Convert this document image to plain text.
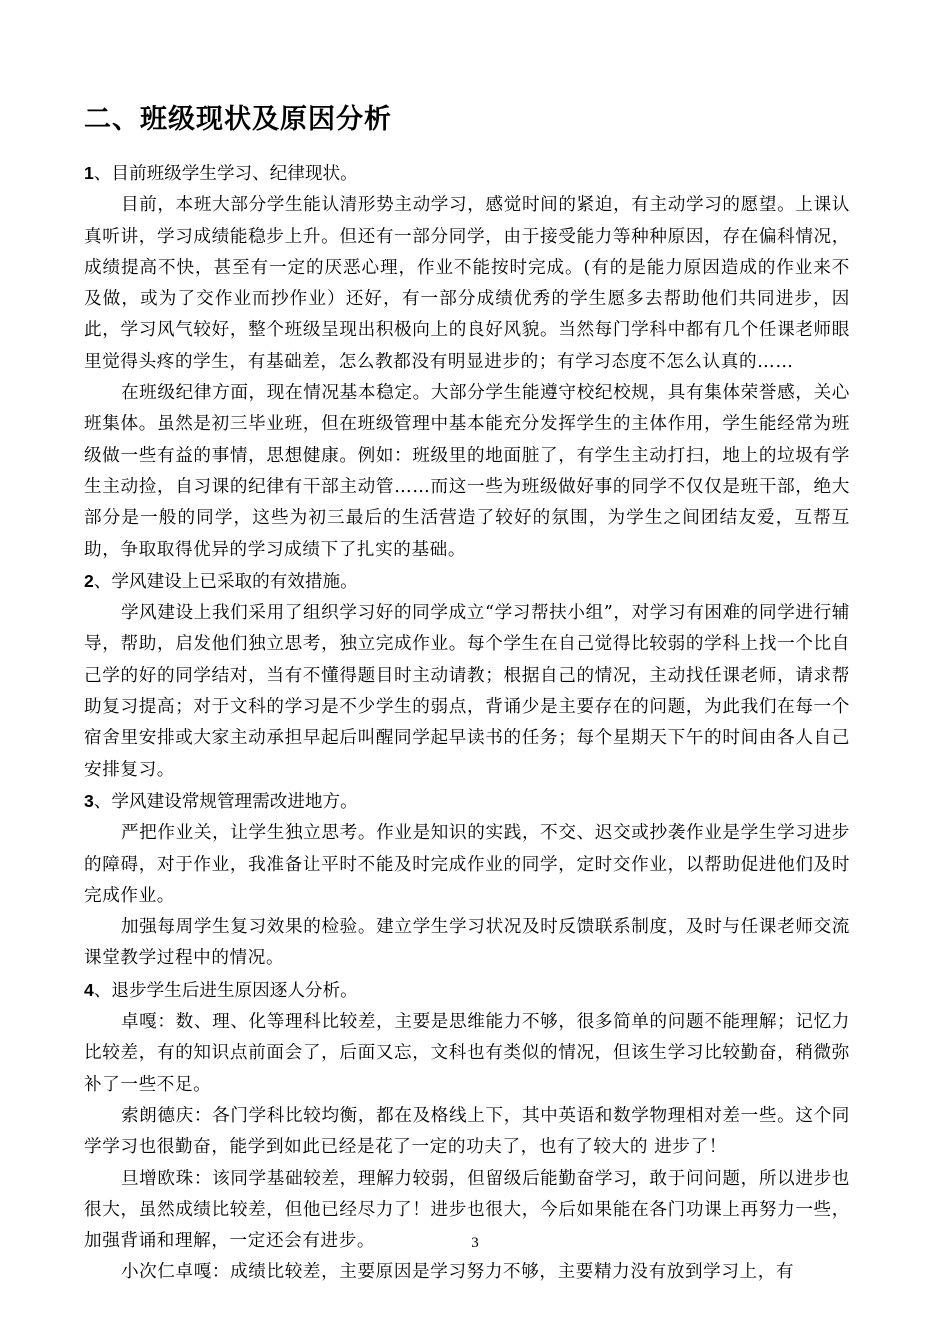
二、班级现状及原因分析

1、目前班级学生学习、纪律现状。

目前，本班大部分学生能认清形势主动学习，感觉时间的紧迫，有主动学习的愿望。上课认真听讲，学习成绩能稳步上升。但还有一部分同学，由于接受能力等种种原因，存在偏科情况，成绩提高不快，甚至有一定的厌恶心理，作业不能按时完成。(有的是能力原因造成的作业来不及做，或为了交作业而抄作业）还好，有一部分成绩优秀的学生愿多去帮助他们共同进步，因此，学习风气较好，整个班级呈现出积极向上的良好风貌。当然每门学科中都有几个任课老师眼里觉得头疼的学生，有基础差，怎么教都没有明显进步的；有学习态度不怎么认真的……

在班级纪律方面，现在情况基本稳定。大部分学生能遵守校纪校规，具有集体荣誉感，关心班集体。虽然是初三毕业班，但在班级管理中基本能充分发挥学生的主体作用，学生能经常为班级做一些有益的事情，思想健康。例如：班级里的地面脏了，有学生主动打扫，地上的垃圾有学生主动捡，自习课的纪律有干部主动管……而这一些为班级做好事的同学不仅仅是班干部，绝大部分是一般的同学，这些为初三最后的生活营造了较好的氛围，为学生之间团结友爱，互帮互助，争取取得优异的学习成绩下了扎实的基础。

2、学风建设上已采取的有效措施。

学风建设上我们采用了组织学习好的同学成立“学习帮扶小组”，对学习有困难的同学进行辅导，帮助，启发他们独立思考，独立完成作业。每个学生在自己觉得比较弱的学科上找一个比自己学的好的同学结对，当有不懂得题目时主动请教；根据自己的情况，主动找任课老师，请求帮助复习提高；对于文科的学习是不少学生的弱点，背诵少是主要存在的问题，为此我们在每一个宿舍里安排或大家主动承担早起后叫醒同学起早读书的任务；每个星期天下午的时间由各人自己安排复习。

3、学风建设常规管理需改进地方。

严把作业关，让学生独立思考。作业是知识的实践，不交、迟交或抄袭作业是学生学习进步的障碍，对于作业，我准备让平时不能及时完成作业的同学，定时交作业，以帮助促进他们及时完成作业。

加强每周学生复习效果的检验。建立学生学习状况及时反馈联系制度，及时与任课老师交流课堂教学过程中的情况。

4、退步学生后进生原因逐人分析。

卓嘎：数、理、化等理科比较差，主要是思维能力不够，很多简单的问题不能理解；记忆力比较差，有的知识点前面会了，后面又忘，文科也有类似的情况，但该生学习比较勤奋，稍微弥补了一些不足。

索朗德庆：各门学科比较均衡，都在及格线上下，其中英语和数学物理相对差一些。这个同学学习也很勤奋，能学到如此已经是花了一定的功夫了，也有了较大的 进步了！

旦增欧珠：该同学基础较差，理解力较弱，但留级后能勤奋学习，敢于问问题，所以进步也很大，虽然成绩比较差，但他已经尽力了！进步也很大，今后如果能在各门功课上再努力一些，加强背诵和理解，一定还会有进步。

小次仁卓嘎：成绩比较差，主要原因是学习努力不够，主要精力没有放到学习上，有

3
